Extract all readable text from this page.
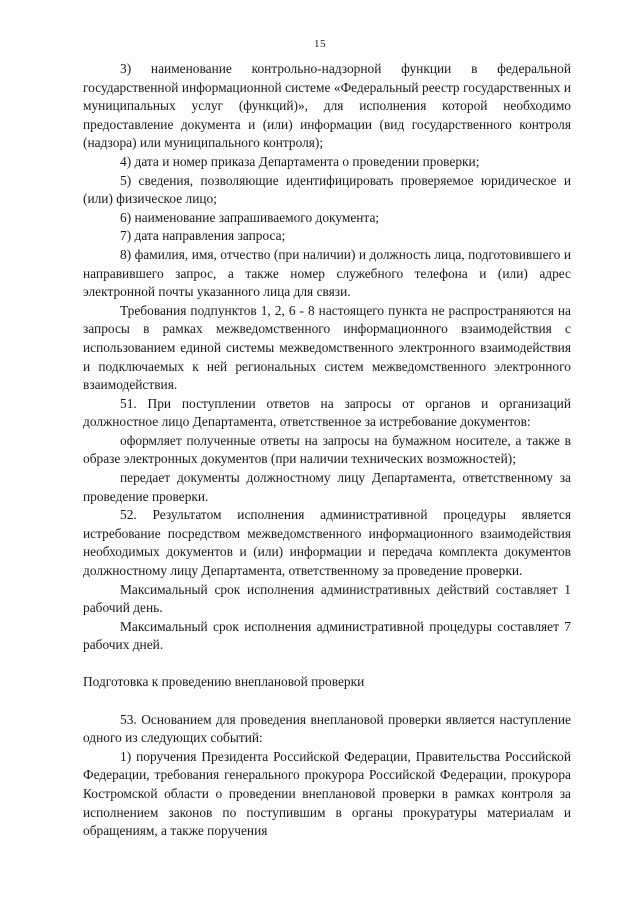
15

3) наименование контрольно-надзорной функции в федеральной государственной информационной системе «Федеральный реестр государственных и муниципальных услуг (функций)», для исполнения которой необходимо предоставление документа и (или) информации (вид государственного контроля (надзора) или муниципального контроля);

4) дата и номер приказа Департамента о проведении проверки;

5) сведения, позволяющие идентифицировать проверяемое юридическое и (или) физическое лицо;

6) наименование запрашиваемого документа;

7) дата направления запроса;

8) фамилия, имя, отчество (при наличии) и должность лица, подготовившего и направившего запрос, а также номер служебного телефона и (или) адрес электронной почты указанного лица для связи.

Требования подпунктов 1, 2, 6 - 8 настоящего пункта не распространяются на запросы в рамках межведомственного информационного взаимодействия с использованием единой системы межведомственного электронного взаимодействия и подключаемых к ней региональных систем межведомственного электронного взаимодействия.

51. При поступлении ответов на запросы от органов и организаций должностное лицо Департамента, ответственное за истребование документов:

оформляет полученные ответы на запросы на бумажном носителе, а также в образе электронных документов (при наличии технических возможностей);

передает документы должностному лицу Департамента, ответственному за проведение проверки.

52. Результатом исполнения административной процедуры является истребование посредством межведомственного информационного взаимодействия необходимых документов и (или) информации и передача комплекта документов должностному лицу Департамента, ответственному за проведение проверки.

Максимальный срок исполнения административных действий составляет 1 рабочий день.

Максимальный срок исполнения административной процедуры составляет 7 рабочих дней.

Подготовка к проведению внеплановой проверки

53. Основанием для проведения внеплановой проверки является наступление одного из следующих событий:

1) поручения Президента Российской Федерации, Правительства Российской Федерации, требования генерального прокурора Российской Федерации, прокурора Костромской области о проведении внеплановой проверки в рамках контроля за исполнением законов по поступившим в органы прокуратуры материалам и обращениям, а также поручения
